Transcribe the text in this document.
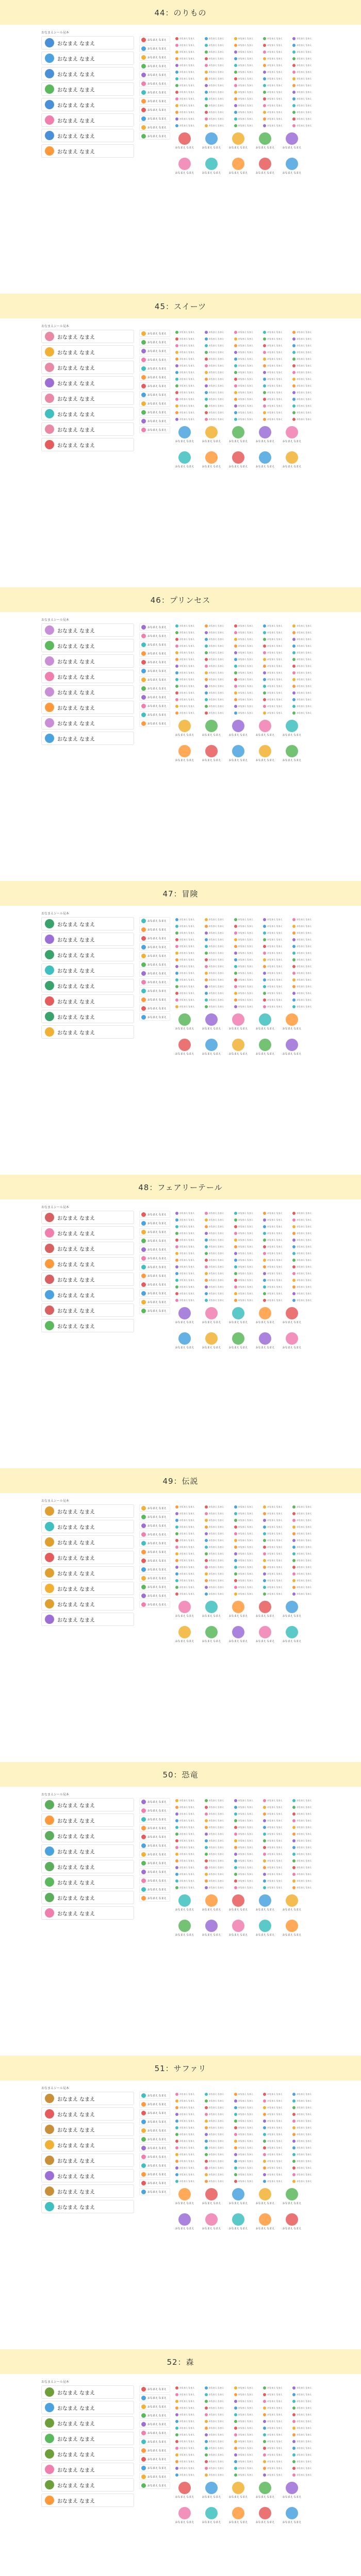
44：のりもの
おなまえシール見本
おなまえ なまえ
おなまえ なまえ
おなまえ なまえ
おなまえ なまえ
おなまえ なまえ
おなまえ なまえ
おなまえ なまえ
おなまえ なまえ
おなまえ なまえ
おなまえ なまえ
おなまえ なまえ
おなまえ なまえ
おなまえ なまえ
おなまえ なまえ
おなまえ なまえ
おなまえ なまえ
おなまえ なまえ
おなまえ なまえ
おなまえ なまえ
おなまえ なまえ
おなまえ なまえ	おなまえ なまえ	おなまえ なまえ	おなまえ なまえ	おなまえ なまえ
おなまえ なまえ	おなまえ なまえ	おなまえ なまえ	おなまえ なまえ	おなまえ なまえ
おなまえ なまえ	おなまえ なまえ	おなまえ なまえ	おなまえ なまえ	おなまえ なまえ
おなまえ なまえ	おなまえ なまえ	おなまえ なまえ	おなまえ なまえ	おなまえ なまえ
おなまえ なまえ	おなまえ なまえ	おなまえ なまえ	おなまえ なまえ	おなまえ なまえ
おなまえ なまえ	おなまえ なまえ	おなまえ なまえ	おなまえ なまえ	おなまえ なまえ
おなまえ なまえ	おなまえ なまえ	おなまえ なまえ	おなまえ なまえ	おなまえ なまえ
おなまえ なまえ	おなまえ なまえ	おなまえ なまえ	おなまえ なまえ	おなまえ なまえ
おなまえ なまえ	おなまえ なまえ	おなまえ なまえ	おなまえ なまえ	おなまえ なまえ
おなまえ なまえ	おなまえ なまえ	おなまえ なまえ	おなまえ なまえ	おなまえ なまえ
おなまえ なまえ	おなまえ なまえ	おなまえ なまえ	おなまえ なまえ	おなまえ なまえ
おなまえ なまえ	おなまえ なまえ	おなまえ なまえ	おなまえ なまえ	おなまえ なまえ
おなまえ なまえ	おなまえ なまえ	おなまえ なまえ	おなまえ なまえ	おなまえ なまえ
おなまえ なまえ	おなまえ なまえ	おなまえ なまえ	おなまえ なまえ	おなまえ なまえ
おなまえ なまえ	おなまえ なまえ	おなまえ なまえ	おなまえ なまえ	おなまえ なまえ
おなまえ なまえ	おなまえ なまえ	おなまえ なまえ	おなまえ なまえ	おなまえ なまえ
45：スイーツ
おなまえシール見本
おなまえ なまえ
おなまえ なまえ
おなまえ なまえ
おなまえ なまえ
おなまえ なまえ
おなまえ なまえ
おなまえ なまえ
おなまえ なまえ
おなまえ なまえ
おなまえ なまえ
おなまえ なまえ
おなまえ なまえ
おなまえ なまえ
おなまえ なまえ
おなまえ なまえ
おなまえ なまえ
おなまえ なまえ
おなまえ なまえ
おなまえ なまえ
おなまえ なまえ
おなまえ なまえ	おなまえ なまえ	おなまえ なまえ	おなまえ なまえ	おなまえ なまえ
おなまえ なまえ	おなまえ なまえ	おなまえ なまえ	おなまえ なまえ	おなまえ なまえ
おなまえ なまえ	おなまえ なまえ	おなまえ なまえ	おなまえ なまえ	おなまえ なまえ
おなまえ なまえ	おなまえ なまえ	おなまえ なまえ	おなまえ なまえ	おなまえ なまえ
おなまえ なまえ	おなまえ なまえ	おなまえ なまえ	おなまえ なまえ	おなまえ なまえ
おなまえ なまえ	おなまえ なまえ	おなまえ なまえ	おなまえ なまえ	おなまえ なまえ
おなまえ なまえ	おなまえ なまえ	おなまえ なまえ	おなまえ なまえ	おなまえ なまえ
おなまえ なまえ	おなまえ なまえ	おなまえ なまえ	おなまえ なまえ	おなまえ なまえ
おなまえ なまえ	おなまえ なまえ	おなまえ なまえ	おなまえ なまえ	おなまえ なまえ
おなまえ なまえ	おなまえ なまえ	おなまえ なまえ	おなまえ なまえ	おなまえ なまえ
おなまえ なまえ	おなまえ なまえ	おなまえ なまえ	おなまえ なまえ	おなまえ なまえ
おなまえ なまえ	おなまえ なまえ	おなまえ なまえ	おなまえ なまえ	おなまえ なまえ
おなまえ なまえ	おなまえ なまえ	おなまえ なまえ	おなまえ なまえ	おなまえ なまえ
おなまえ なまえ	おなまえ なまえ	おなまえ なまえ	おなまえ なまえ	おなまえ なまえ
おなまえ なまえ	おなまえ なまえ	おなまえ なまえ	おなまえ なまえ	おなまえ なまえ
おなまえ なまえ	おなまえ なまえ	おなまえ なまえ	おなまえ なまえ	おなまえ なまえ
46：プリンセス
おなまえシール見本
おなまえ なまえ
おなまえ なまえ
おなまえ なまえ
おなまえ なまえ
おなまえ なまえ
おなまえ なまえ
おなまえ なまえ
おなまえ なまえ
おなまえ なまえ
おなまえ なまえ
おなまえ なまえ
おなまえ なまえ
おなまえ なまえ
おなまえ なまえ
おなまえ なまえ
おなまえ なまえ
おなまえ なまえ
おなまえ なまえ
おなまえ なまえ
おなまえ なまえ
おなまえ なまえ	おなまえ なまえ	おなまえ なまえ	おなまえ なまえ	おなまえ なまえ
おなまえ なまえ	おなまえ なまえ	おなまえ なまえ	おなまえ なまえ	おなまえ なまえ
おなまえ なまえ	おなまえ なまえ	おなまえ なまえ	おなまえ なまえ	おなまえ なまえ
おなまえ なまえ	おなまえ なまえ	おなまえ なまえ	おなまえ なまえ	おなまえ なまえ
おなまえ なまえ	おなまえ なまえ	おなまえ なまえ	おなまえ なまえ	おなまえ なまえ
おなまえ なまえ	おなまえ なまえ	おなまえ なまえ	おなまえ なまえ	おなまえ なまえ
おなまえ なまえ	おなまえ なまえ	おなまえ なまえ	おなまえ なまえ	おなまえ なまえ
おなまえ なまえ	おなまえ なまえ	おなまえ なまえ	おなまえ なまえ	おなまえ なまえ
おなまえ なまえ	おなまえ なまえ	おなまえ なまえ	おなまえ なまえ	おなまえ なまえ
おなまえ なまえ	おなまえ なまえ	おなまえ なまえ	おなまえ なまえ	おなまえ なまえ
おなまえ なまえ	おなまえ なまえ	おなまえ なまえ	おなまえ なまえ	おなまえ なまえ
おなまえ なまえ	おなまえ なまえ	おなまえ なまえ	おなまえ なまえ	おなまえ なまえ
おなまえ なまえ	おなまえ なまえ	おなまえ なまえ	おなまえ なまえ	おなまえ なまえ
おなまえ なまえ	おなまえ なまえ	おなまえ なまえ	おなまえ なまえ	おなまえ なまえ
おなまえ なまえ	おなまえ なまえ	おなまえ なまえ	おなまえ なまえ	おなまえ なまえ
おなまえ なまえ	おなまえ なまえ	おなまえ なまえ	おなまえ なまえ	おなまえ なまえ
47：冒険
おなまえシール見本
おなまえ なまえ
おなまえ なまえ
おなまえ なまえ
おなまえ なまえ
おなまえ なまえ
おなまえ なまえ
おなまえ なまえ
おなまえ なまえ
おなまえ なまえ
おなまえ なまえ
おなまえ なまえ
おなまえ なまえ
おなまえ なまえ
おなまえ なまえ
おなまえ なまえ
おなまえ なまえ
おなまえ なまえ
おなまえ なまえ
おなまえ なまえ
おなまえ なまえ
おなまえ なまえ	おなまえ なまえ	おなまえ なまえ	おなまえ なまえ	おなまえ なまえ
おなまえ なまえ	おなまえ なまえ	おなまえ なまえ	おなまえ なまえ	おなまえ なまえ
おなまえ なまえ	おなまえ なまえ	おなまえ なまえ	おなまえ なまえ	おなまえ なまえ
おなまえ なまえ	おなまえ なまえ	おなまえ なまえ	おなまえ なまえ	おなまえ なまえ
おなまえ なまえ	おなまえ なまえ	おなまえ なまえ	おなまえ なまえ	おなまえ なまえ
おなまえ なまえ	おなまえ なまえ	おなまえ なまえ	おなまえ なまえ	おなまえ なまえ
おなまえ なまえ	おなまえ なまえ	おなまえ なまえ	おなまえ なまえ	おなまえ なまえ
おなまえ なまえ	おなまえ なまえ	おなまえ なまえ	おなまえ なまえ	おなまえ なまえ
おなまえ なまえ	おなまえ なまえ	おなまえ なまえ	おなまえ なまえ	おなまえ なまえ
おなまえ なまえ	おなまえ なまえ	おなまえ なまえ	おなまえ なまえ	おなまえ なまえ
おなまえ なまえ	おなまえ なまえ	おなまえ なまえ	おなまえ なまえ	おなまえ なまえ
おなまえ なまえ	おなまえ なまえ	おなまえ なまえ	おなまえ なまえ	おなまえ なまえ
おなまえ なまえ	おなまえ なまえ	おなまえ なまえ	おなまえ なまえ	おなまえ なまえ
おなまえ なまえ	おなまえ なまえ	おなまえ なまえ	おなまえ なまえ	おなまえ なまえ
おなまえ なまえ	おなまえ なまえ	おなまえ なまえ	おなまえ なまえ	おなまえ なまえ
おなまえ なまえ	おなまえ なまえ	おなまえ なまえ	おなまえ なまえ	おなまえ なまえ
48：フェアリーテール
おなまえシール見本
おなまえ なまえ
おなまえ なまえ
おなまえ なまえ
おなまえ なまえ
おなまえ なまえ
おなまえ なまえ
おなまえ なまえ
おなまえ なまえ
おなまえ なまえ
おなまえ なまえ
おなまえ なまえ
おなまえ なまえ
おなまえ なまえ
おなまえ なまえ
おなまえ なまえ
おなまえ なまえ
おなまえ なまえ
おなまえ なまえ
おなまえ なまえ
おなまえ なまえ
おなまえ なまえ	おなまえ なまえ	おなまえ なまえ	おなまえ なまえ	おなまえ なまえ
おなまえ なまえ	おなまえ なまえ	おなまえ なまえ	おなまえ なまえ	おなまえ なまえ
おなまえ なまえ	おなまえ なまえ	おなまえ なまえ	おなまえ なまえ	おなまえ なまえ
おなまえ なまえ	おなまえ なまえ	おなまえ なまえ	おなまえ なまえ	おなまえ なまえ
おなまえ なまえ	おなまえ なまえ	おなまえ なまえ	おなまえ なまえ	おなまえ なまえ
おなまえ なまえ	おなまえ なまえ	おなまえ なまえ	おなまえ なまえ	おなまえ なまえ
おなまえ なまえ	おなまえ なまえ	おなまえ なまえ	おなまえ なまえ	おなまえ なまえ
おなまえ なまえ	おなまえ なまえ	おなまえ なまえ	おなまえ なまえ	おなまえ なまえ
おなまえ なまえ	おなまえ なまえ	おなまえ なまえ	おなまえ なまえ	おなまえ なまえ
おなまえ なまえ	おなまえ なまえ	おなまえ なまえ	おなまえ なまえ	おなまえ なまえ
おなまえ なまえ	おなまえ なまえ	おなまえ なまえ	おなまえ なまえ	おなまえ なまえ
おなまえ なまえ	おなまえ なまえ	おなまえ なまえ	おなまえ なまえ	おなまえ なまえ
おなまえ なまえ	おなまえ なまえ	おなまえ なまえ	おなまえ なまえ	おなまえ なまえ
おなまえ なまえ	おなまえ なまえ	おなまえ なまえ	おなまえ なまえ	おなまえ なまえ
おなまえ なまえ	おなまえ なまえ	おなまえ なまえ	おなまえ なまえ	おなまえ なまえ
おなまえ なまえ	おなまえ なまえ	おなまえ なまえ	おなまえ なまえ	おなまえ なまえ
49：伝説
おなまえシール見本
おなまえ なまえ
おなまえ なまえ
おなまえ なまえ
おなまえ なまえ
おなまえ なまえ
おなまえ なまえ
おなまえ なまえ
おなまえ なまえ
おなまえ なまえ
おなまえ なまえ
おなまえ なまえ
おなまえ なまえ
おなまえ なまえ
おなまえ なまえ
おなまえ なまえ
おなまえ なまえ
おなまえ なまえ
おなまえ なまえ
おなまえ なまえ
おなまえ なまえ
おなまえ なまえ	おなまえ なまえ	おなまえ なまえ	おなまえ なまえ	おなまえ なまえ
おなまえ なまえ	おなまえ なまえ	おなまえ なまえ	おなまえ なまえ	おなまえ なまえ
おなまえ なまえ	おなまえ なまえ	おなまえ なまえ	おなまえ なまえ	おなまえ なまえ
おなまえ なまえ	おなまえ なまえ	おなまえ なまえ	おなまえ なまえ	おなまえ なまえ
おなまえ なまえ	おなまえ なまえ	おなまえ なまえ	おなまえ なまえ	おなまえ なまえ
おなまえ なまえ	おなまえ なまえ	おなまえ なまえ	おなまえ なまえ	おなまえ なまえ
おなまえ なまえ	おなまえ なまえ	おなまえ なまえ	おなまえ なまえ	おなまえ なまえ
おなまえ なまえ	おなまえ なまえ	おなまえ なまえ	おなまえ なまえ	おなまえ なまえ
おなまえ なまえ	おなまえ なまえ	おなまえ なまえ	おなまえ なまえ	おなまえ なまえ
おなまえ なまえ	おなまえ なまえ	おなまえ なまえ	おなまえ なまえ	おなまえ なまえ
おなまえ なまえ	おなまえ なまえ	おなまえ なまえ	おなまえ なまえ	おなまえ なまえ
おなまえ なまえ	おなまえ なまえ	おなまえ なまえ	おなまえ なまえ	おなまえ なまえ
おなまえ なまえ	おなまえ なまえ	おなまえ なまえ	おなまえ なまえ	おなまえ なまえ
おなまえ なまえ	おなまえ なまえ	おなまえ なまえ	おなまえ なまえ	おなまえ なまえ
おなまえ なまえ	おなまえ なまえ	おなまえ なまえ	おなまえ なまえ	おなまえ なまえ
おなまえ なまえ	おなまえ なまえ	おなまえ なまえ	おなまえ なまえ	おなまえ なまえ
50：恐竜
おなまえシール見本
おなまえ なまえ
おなまえ なまえ
おなまえ なまえ
おなまえ なまえ
おなまえ なまえ
おなまえ なまえ
おなまえ なまえ
おなまえ なまえ
おなまえ なまえ
おなまえ なまえ
おなまえ なまえ
おなまえ なまえ
おなまえ なまえ
おなまえ なまえ
おなまえ なまえ
おなまえ なまえ
おなまえ なまえ
おなまえ なまえ
おなまえ なまえ
おなまえ なまえ
おなまえ なまえ	おなまえ なまえ	おなまえ なまえ	おなまえ なまえ	おなまえ なまえ
おなまえ なまえ	おなまえ なまえ	おなまえ なまえ	おなまえ なまえ	おなまえ なまえ
おなまえ なまえ	おなまえ なまえ	おなまえ なまえ	おなまえ なまえ	おなまえ なまえ
おなまえ なまえ	おなまえ なまえ	おなまえ なまえ	おなまえ なまえ	おなまえ なまえ
おなまえ なまえ	おなまえ なまえ	おなまえ なまえ	おなまえ なまえ	おなまえ なまえ
おなまえ なまえ	おなまえ なまえ	おなまえ なまえ	おなまえ なまえ	おなまえ なまえ
おなまえ なまえ	おなまえ なまえ	おなまえ なまえ	おなまえ なまえ	おなまえ なまえ
おなまえ なまえ	おなまえ なまえ	おなまえ なまえ	おなまえ なまえ	おなまえ なまえ
おなまえ なまえ	おなまえ なまえ	おなまえ なまえ	おなまえ なまえ	おなまえ なまえ
おなまえ なまえ	おなまえ なまえ	おなまえ なまえ	おなまえ なまえ	おなまえ なまえ
おなまえ なまえ	おなまえ なまえ	おなまえ なまえ	おなまえ なまえ	おなまえ なまえ
おなまえ なまえ	おなまえ なまえ	おなまえ なまえ	おなまえ なまえ	おなまえ なまえ
おなまえ なまえ	おなまえ なまえ	おなまえ なまえ	おなまえ なまえ	おなまえ なまえ
おなまえ なまえ	おなまえ なまえ	おなまえ なまえ	おなまえ なまえ	おなまえ なまえ
おなまえ なまえ	おなまえ なまえ	おなまえ なまえ	おなまえ なまえ	おなまえ なまえ
おなまえ なまえ	おなまえ なまえ	おなまえ なまえ	おなまえ なまえ	おなまえ なまえ
51：サファリ
おなまえシール見本
おなまえ なまえ
おなまえ なまえ
おなまえ なまえ
おなまえ なまえ
おなまえ なまえ
おなまえ なまえ
おなまえ なまえ
おなまえ なまえ
おなまえ なまえ
おなまえ なまえ
おなまえ なまえ
おなまえ なまえ
おなまえ なまえ
おなまえ なまえ
おなまえ なまえ
おなまえ なまえ
おなまえ なまえ
おなまえ なまえ
おなまえ なまえ
おなまえ なまえ
おなまえ なまえ	おなまえ なまえ	おなまえ なまえ	おなまえ なまえ	おなまえ なまえ
おなまえ なまえ	おなまえ なまえ	おなまえ なまえ	おなまえ なまえ	おなまえ なまえ
おなまえ なまえ	おなまえ なまえ	おなまえ なまえ	おなまえ なまえ	おなまえ なまえ
おなまえ なまえ	おなまえ なまえ	おなまえ なまえ	おなまえ なまえ	おなまえ なまえ
おなまえ なまえ	おなまえ なまえ	おなまえ なまえ	おなまえ なまえ	おなまえ なまえ
おなまえ なまえ	おなまえ なまえ	おなまえ なまえ	おなまえ なまえ	おなまえ なまえ
おなまえ なまえ	おなまえ なまえ	おなまえ なまえ	おなまえ なまえ	おなまえ なまえ
おなまえ なまえ	おなまえ なまえ	おなまえ なまえ	おなまえ なまえ	おなまえ なまえ
おなまえ なまえ	おなまえ なまえ	おなまえ なまえ	おなまえ なまえ	おなまえ なまえ
おなまえ なまえ	おなまえ なまえ	おなまえ なまえ	おなまえ なまえ	おなまえ なまえ
おなまえ なまえ	おなまえ なまえ	おなまえ なまえ	おなまえ なまえ	おなまえ なまえ
おなまえ なまえ	おなまえ なまえ	おなまえ なまえ	おなまえ なまえ	おなまえ なまえ
おなまえ なまえ	おなまえ なまえ	おなまえ なまえ	おなまえ なまえ	おなまえ なまえ
おなまえ なまえ	おなまえ なまえ	おなまえ なまえ	おなまえ なまえ	おなまえ なまえ
おなまえ なまえ	おなまえ なまえ	おなまえ なまえ	おなまえ なまえ	おなまえ なまえ
おなまえ なまえ	おなまえ なまえ	おなまえ なまえ	おなまえ なまえ	おなまえ なまえ
52：森
おなまえシール見本
おなまえ なまえ
おなまえ なまえ
おなまえ なまえ
おなまえ なまえ
おなまえ なまえ
おなまえ なまえ
おなまえ なまえ
おなまえ なまえ
おなまえ なまえ
おなまえ なまえ
おなまえ なまえ
おなまえ なまえ
おなまえ なまえ
おなまえ なまえ
おなまえ なまえ
おなまえ なまえ
おなまえ なまえ
おなまえ なまえ
おなまえ なまえ
おなまえ なまえ
おなまえ なまえ	おなまえ なまえ	おなまえ なまえ	おなまえ なまえ	おなまえ なまえ
おなまえ なまえ	おなまえ なまえ	おなまえ なまえ	おなまえ なまえ	おなまえ なまえ
おなまえ なまえ	おなまえ なまえ	おなまえ なまえ	おなまえ なまえ	おなまえ なまえ
おなまえ なまえ	おなまえ なまえ	おなまえ なまえ	おなまえ なまえ	おなまえ なまえ
おなまえ なまえ	おなまえ なまえ	おなまえ なまえ	おなまえ なまえ	おなまえ なまえ
おなまえ なまえ	おなまえ なまえ	おなまえ なまえ	おなまえ なまえ	おなまえ なまえ
おなまえ なまえ	おなまえ なまえ	おなまえ なまえ	おなまえ なまえ	おなまえ なまえ
おなまえ なまえ	おなまえ なまえ	おなまえ なまえ	おなまえ なまえ	おなまえ なまえ
おなまえ なまえ	おなまえ なまえ	おなまえ なまえ	おなまえ なまえ	おなまえ なまえ
おなまえ なまえ	おなまえ なまえ	おなまえ なまえ	おなまえ なまえ	おなまえ なまえ
おなまえ なまえ	おなまえ なまえ	おなまえ なまえ	おなまえ なまえ	おなまえ なまえ
おなまえ なまえ	おなまえ なまえ	おなまえ なまえ	おなまえ なまえ	おなまえ なまえ
おなまえ なまえ	おなまえ なまえ	おなまえ なまえ	おなまえ なまえ	おなまえ なまえ
おなまえ なまえ	おなまえ なまえ	おなまえ なまえ	おなまえ なまえ	おなまえ なまえ
おなまえ なまえ	おなまえ なまえ	おなまえ なまえ	おなまえ なまえ	おなまえ なまえ
おなまえ なまえ	おなまえ なまえ	おなまえ なまえ	おなまえ なまえ	おなまえ なまえ
